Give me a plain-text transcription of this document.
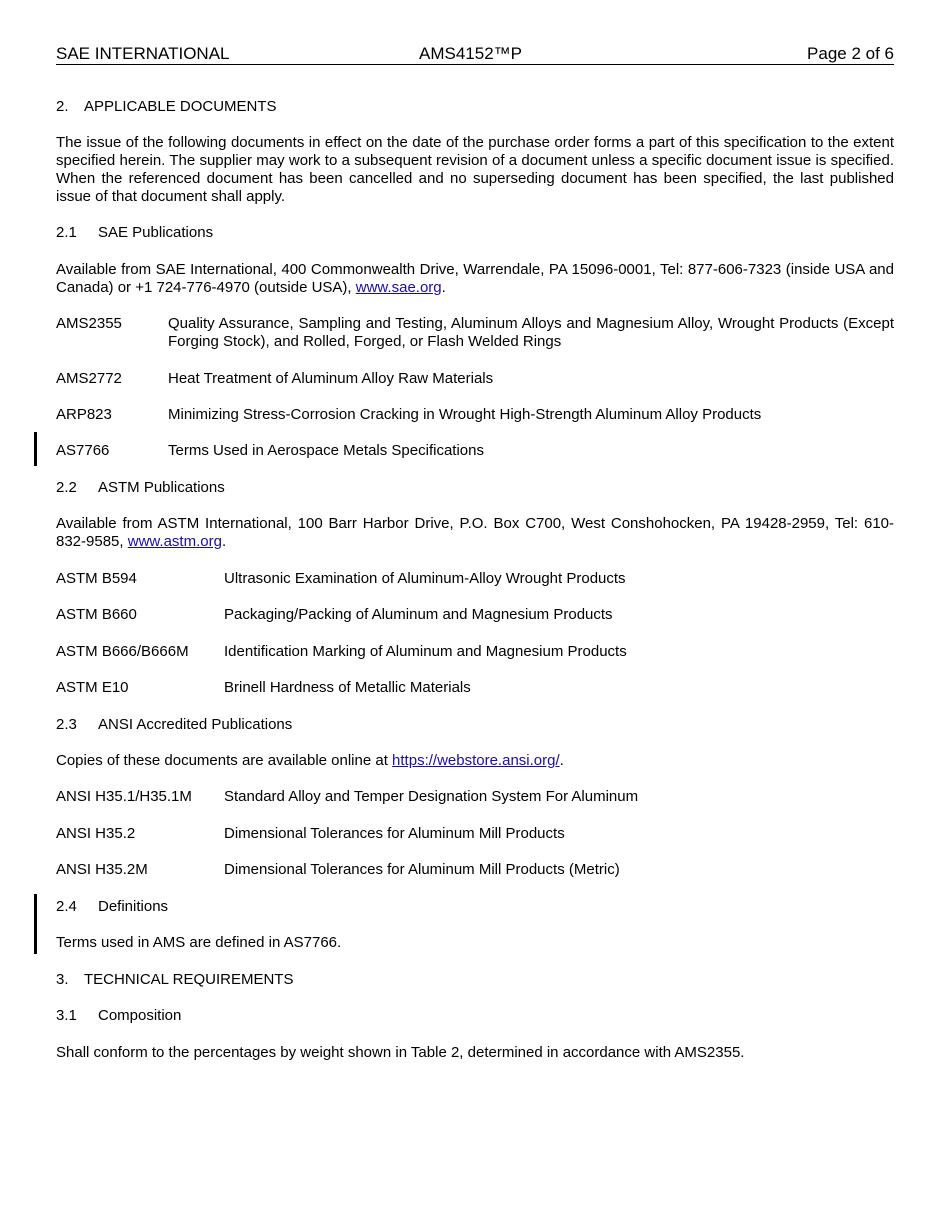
SAE INTERNATIONAL	AMS4152™P	Page 2 of 6
2. APPLICABLE DOCUMENTS
The issue of the following documents in effect on the date of the purchase order forms a part of this specification to the extent specified herein. The supplier may work to a subsequent revision of a document unless a specific document issue is specified. When the referenced document has been cancelled and no superseding document has been specified, the last published issue of that document shall apply.
2.1 SAE Publications
Available from SAE International, 400 Commonwealth Drive, Warrendale, PA 15096-0001, Tel: 877-606-7323 (inside USA and Canada) or +1 724-776-4970 (outside USA), www.sae.org.
AMS2355	Quality Assurance, Sampling and Testing, Aluminum Alloys and Magnesium Alloy, Wrought Products (Except Forging Stock), and Rolled, Forged, or Flash Welded Rings
AMS2772	Heat Treatment of Aluminum Alloy Raw Materials
ARP823	Minimizing Stress-Corrosion Cracking in Wrought High-Strength Aluminum Alloy Products
AS7766	Terms Used in Aerospace Metals Specifications
2.2 ASTM Publications
Available from ASTM International, 100 Barr Harbor Drive, P.O. Box C700, West Conshohocken, PA 19428-2959, Tel: 610-832-9585, www.astm.org.
ASTM B594	Ultrasonic Examination of Aluminum-Alloy Wrought Products
ASTM B660	Packaging/Packing of Aluminum and Magnesium Products
ASTM B666/B666M Identification Marking of Aluminum and Magnesium Products
ASTM E10	Brinell Hardness of Metallic Materials
2.3 ANSI Accredited Publications
Copies of these documents are available online at https://webstore.ansi.org/.
ANSI H35.1/H35.1M Standard Alloy and Temper Designation System For Aluminum
ANSI H35.2	Dimensional Tolerances for Aluminum Mill Products
ANSI H35.2M	Dimensional Tolerances for Aluminum Mill Products (Metric)
2.4 Definitions
Terms used in AMS are defined in AS7766.
3. TECHNICAL REQUIREMENTS
3.1 Composition
Shall conform to the percentages by weight shown in Table 2, determined in accordance with AMS2355.
